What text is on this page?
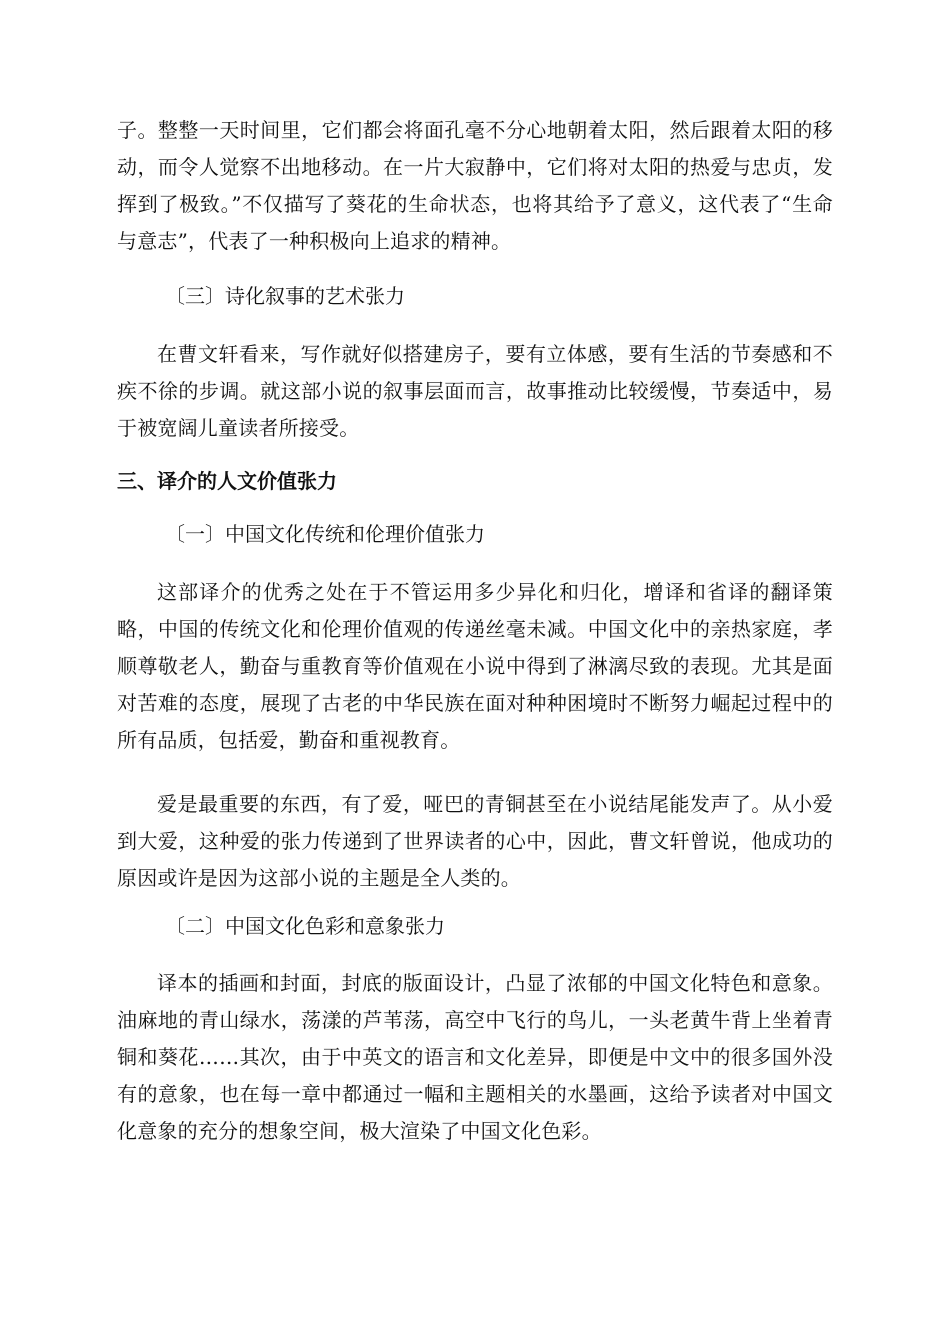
子。整整一天时间里，它们都会将面孔毫不分心地朝着太阳，然后跟着太阳的移动，而令人觉察不出地移动。在一片大寂静中，它们将对太阳的热爱与忠贞，发挥到了极致。”不仅描写了葵花的生命状态，也将其给予了意义，这代表了“生命与意志”，代表了一种积极向上追求的精神。

〔三〕诗化叙事的艺术张力

在曹文轩看来，写作就好似搭建房子，要有立体感，要有生活的节奏感和不疾不徐的步调。就这部小说的叙事层面而言，故事推动比较缓慢，节奏适中，易于被宽阔儿童读者所接受。

三、译介的人文价值张力
〔一〕中国文化传统和伦理价值张力

这部译介的优秀之处在于不管运用多少异化和归化，增译和省译的翻译策略，中国的传统文化和伦理价值观的传递丝毫未减。中国文化中的亲热家庭，孝顺尊敬老人，勤奋与重教育等价值观在小说中得到了淋漓尽致的表现。尤其是面对苦难的态度，展现了古老的中华民族在面对种种困境时不断努力崛起过程中的所有品质，包括爱，勤奋和重视教育。

爱是最重要的东西，有了爱，哑巴的青铜甚至在小说结尾能发声了。从小爱到大爱，这种爱的张力传递到了世界读者的心中，因此，曹文轩曾说，他成功的原因或许是因为这部小说的主题是全人类的。

〔二〕中国文化色彩和意象张力

译本的插画和封面，封底的版面设计，凸显了浓郁的中国文化特色和意象。油麻地的青山绿水，荡漾的芦苇荡，高空中飞行的鸟儿，一头老黄牛背上坐着青铜和葵花……其次，由于中英文的语言和文化差异，即便是中文中的很多国外没有的意象，也在每一章中都通过一幅和主题相关的水墨画，这给予读者对中国文化意象的充分的想象空间，极大渲染了中国文化色彩。
